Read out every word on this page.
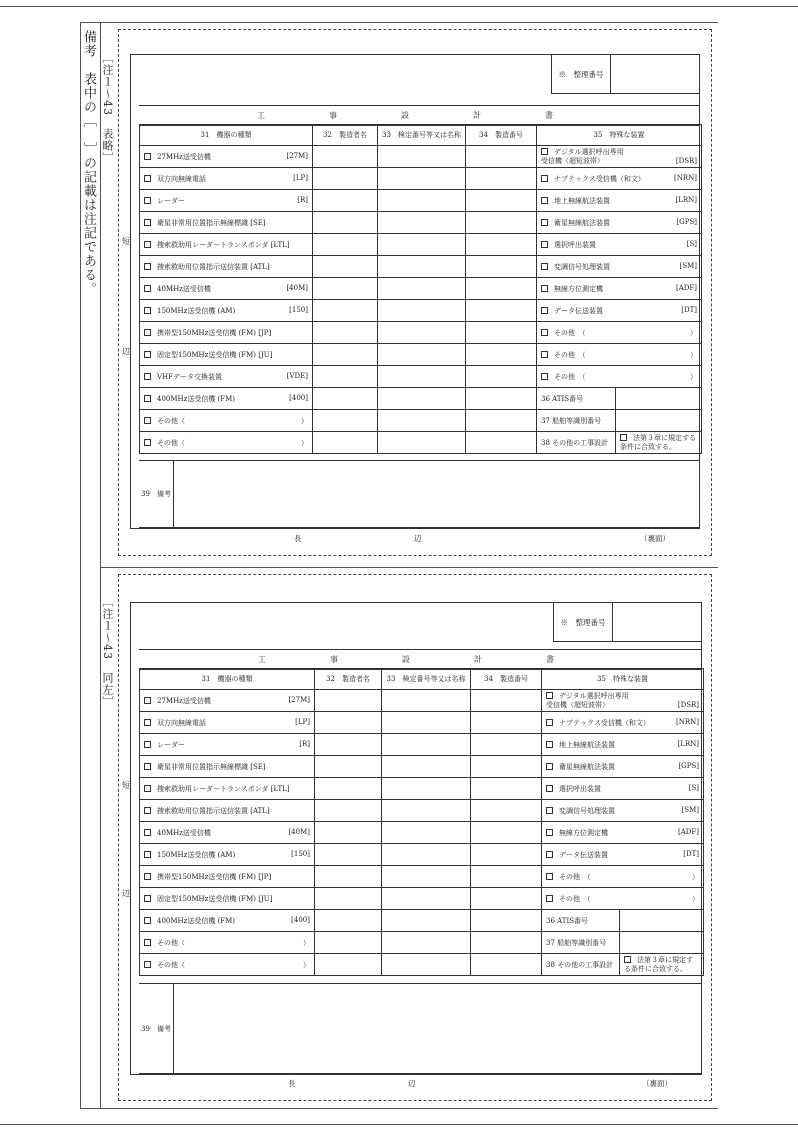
備考　表中の［　］の記載は注記である。 ［注１〜43　表略］
短
辺
※　整理番号
工　事　設　計　書
31　機器の種類	32　製造者名	33　検定番号等又は名称	34　製造番号	35　特殊な装置	
27MHz送受信機 [27M]				デジタル選択呼出専用
受信機（超短波帯） [DSR]	

双方向無線電話 [LP]				ナブテックス受信機（和文） [NRN]	

レーダー [R]				地上無線航法装置 [LRN]	

衛星非常用位置指示無線標識 [SE]				衛星無線航法装置 [GPS]	

捜索救助用レーダートランスポンダ [LTL]				選択呼出装置 [S]	

捜索救助用位置指示送信装置 [ATL]				変調信号処理装置 [SM]	

40MHz送受信機 [40M]				無線方位測定機 [ADF]	

150MHz送受信機 (AM) [150]				データ伝送装置 [DT]	

携帯型150MHz送受信機 (FM) [JP]				その他　（ ）	

固定型150MHz送受信機 (FM) [JU]				その他　（ ）	

VHFデータ交換装置 [VDE]				その他　（ ）	

400MHz送受信機 (FM) [400]				36 ATIS番号	
その他（ ）				37 船舶等識別番号	
その他（ ）				38 その他の工事設計	法第３章に規定する条件に合致する。
39　備考
長	辺	（裏面）
［注１〜43　同左］
短
辺
※　整理番号
工　事　設　計　書
31　機器の種類	32　製造者名	33　検定番号等又は名称	34　製造番号	35　特殊な装置	
27MHz送受信機 [27M]				デジタル選択呼出専用
受信機（超短波帯） [DSR]	

双方向無線電話 [LP]				ナブテックス受信機（和文） [NRN]	

レーダー [R]				地上無線航法装置 [LRN]	

衛星非常用位置指示無線標識 [SE]				衛星無線航法装置 [GPS]	

捜索救助用レーダートランスポンダ [LTL]				選択呼出装置 [S]	

捜索救助用位置指示送信装置 [ATL]				変調信号処理装置 [SM]	

40MHz送受信機 [40M]				無線方位測定機 [ADF]	

150MHz送受信機 (AM) [150]				データ伝送装置 [DT]	

携帯型150MHz送受信機 (FM) [JP]				その他　（ ）	

固定型150MHz送受信機 (FM) [JU]				その他　（ ）	

400MHz送受信機 (FM) [400]				36 ATIS番号	
その他（ ）				37 船舶等識別番号	
その他（ ）				38 その他の工事設計	法第３章に規定する条件に合致する。
39　備考
長	辺	（裏面）
